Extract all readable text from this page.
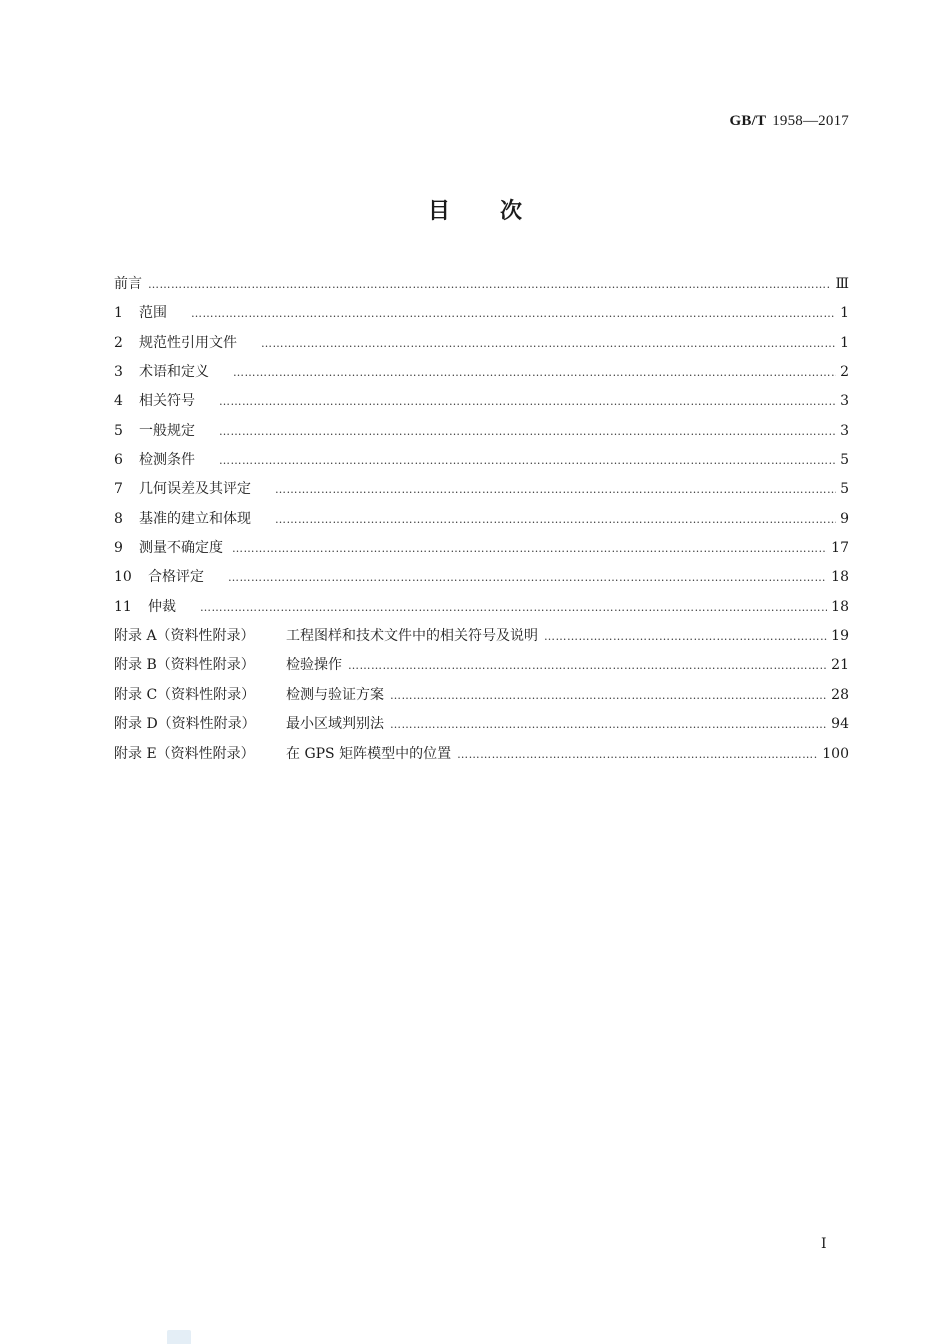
GB/T 1958—2017
目次
前言 ………………………………………………………………………………………………………………………………………………………………………………………………………………………………………………	Ⅲ
1	范围 ………………………………………………………………………………………………………………………………………………………………………………………………………………………………………………	1
2	规范性引用文件 ………………………………………………………………………………………………………………………………………………………………………………………………………………………………………………	1
3	术语和定义 ………………………………………………………………………………………………………………………………………………………………………………………………………………………………………………	2
4	相关符号 ………………………………………………………………………………………………………………………………………………………………………………………………………………………………………………	3
5	一般规定 ………………………………………………………………………………………………………………………………………………………………………………………………………………………………………………	3
6	检测条件 ………………………………………………………………………………………………………………………………………………………………………………………………………………………………………………	5
7	几何误差及其评定 ………………………………………………………………………………………………………………………………………………………………………………………………………………………………………………	5
8	基准的建立和体现 ………………………………………………………………………………………………………………………………………………………………………………………………………………………………………………	9
9	测量不确定度 ………………………………………………………………………………………………………………………………………………………………………………………………………………………………………………	17
10	合格评定 ………………………………………………………………………………………………………………………………………………………………………………………………………………………………………………	18
11	仲裁 ………………………………………………………………………………………………………………………………………………………………………………………………………………………………………………	18
附录 A（资料性附录）	工程图样和技术文件中的相关符号及说明 ………………………………………………………………………………………………………………………………………………………………………………………………………………………………………………	19
附录 B（资料性附录）	检验操作 ………………………………………………………………………………………………………………………………………………………………………………………………………………………………………………	21
附录 C（资料性附录）	检测与验证方案 ………………………………………………………………………………………………………………………………………………………………………………………………………………………………………………	28
附录 D（资料性附录）	最小区域判别法 ………………………………………………………………………………………………………………………………………………………………………………………………………………………………………………	94
附录 E（资料性附录）	在 GPS 矩阵模型中的位置 ………………………………………………………………………………………………………………………………………………………………………………………………………………………………………………	100
Ⅰ
